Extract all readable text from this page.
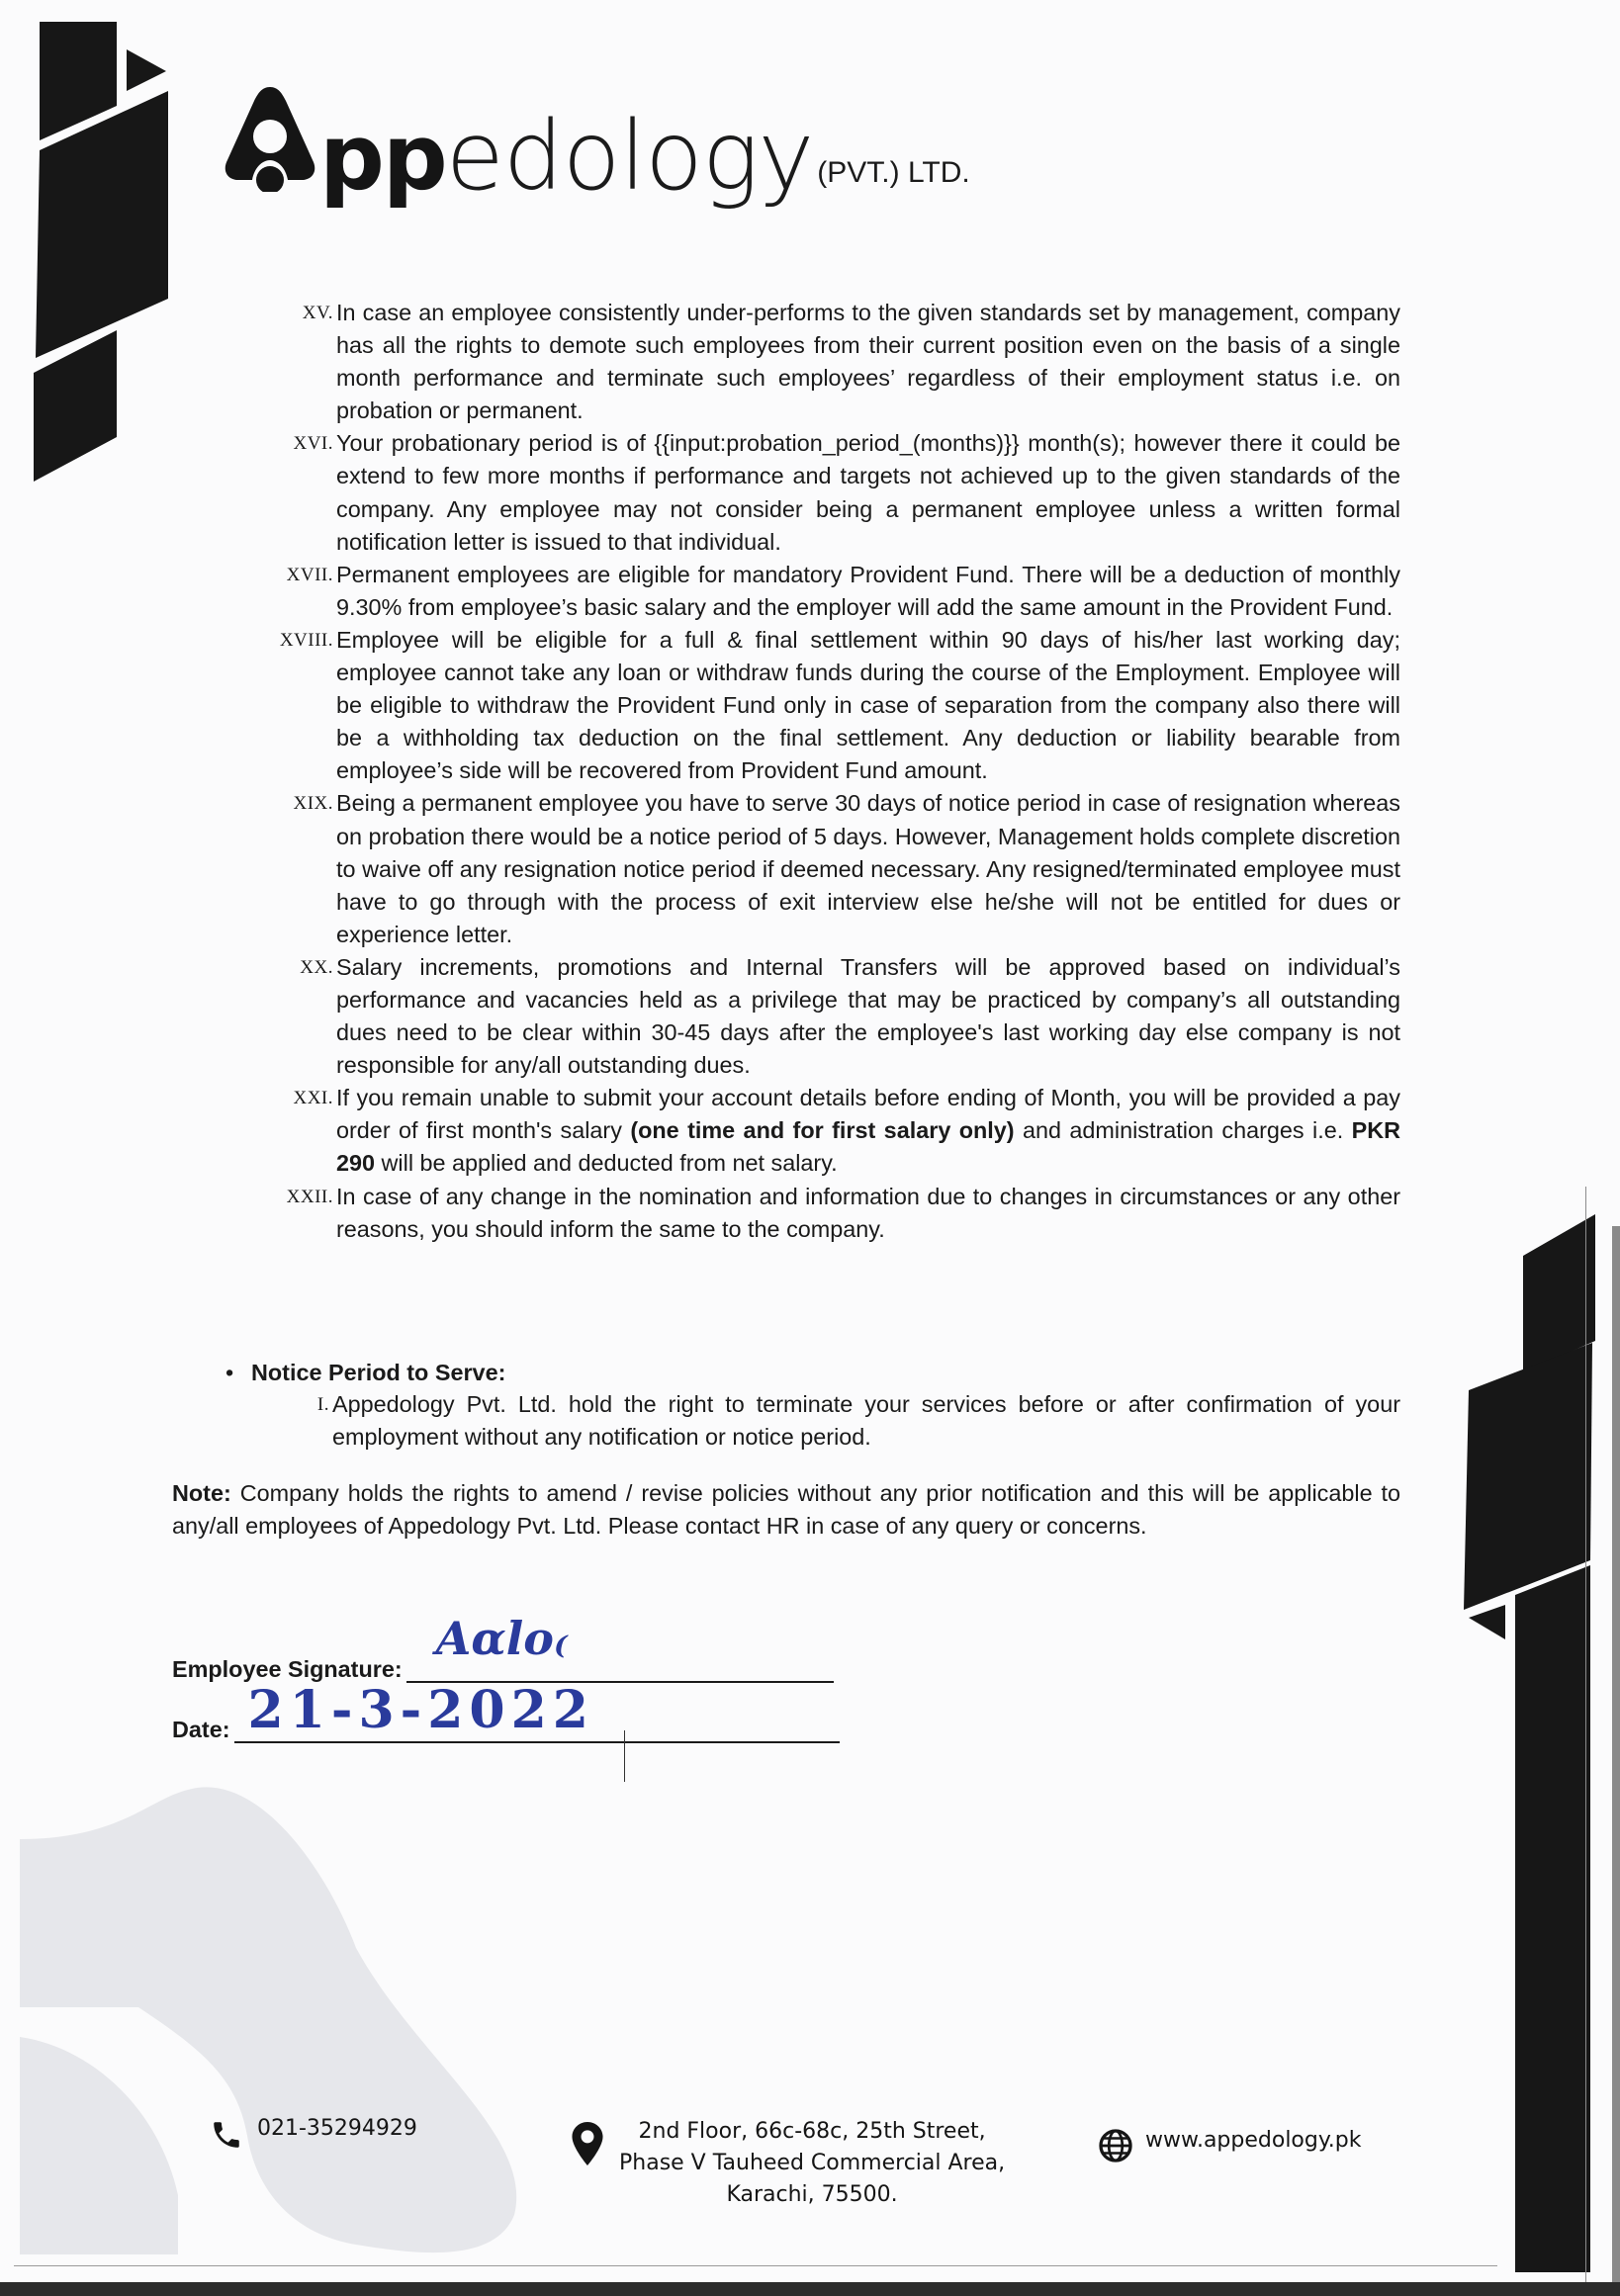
pp edology (PVT.) LTD.
XV. In case an employee consistently under-performs to the given standards set by management, company has all the rights to demote such employees from their current position even on the basis of a single month performance and terminate such employees’ regardless of their employment status i.e. on probation or permanent.
XVI. Your probationary period is of {{input:probation_period_(months)}} month(s); however there it could be extend to few more months if performance and targets not achieved up to the given standards of the company. Any employee may not consider being a permanent employee unless a written formal notification letter is issued to that individual.
XVII. Permanent employees are eligible for mandatory Provident Fund. There will be a deduction of monthly 9.30% from employee’s basic salary and the employer will add the same amount in the Provident Fund.
XVIII. Employee will be eligible for a full & final settlement within 90 days of his/her last working day; employee cannot take any loan or withdraw funds during the course of the Employment. Employee will be eligible to withdraw the Provident Fund only in case of separation from the company also there will be a withholding tax deduction on the final settlement. Any deduction or liability bearable from employee’s side will be recovered from Provident Fund amount.
XIX. Being a permanent employee you have to serve 30 days of notice period in case of resignation whereas on probation there would be a notice period of 5 days. However, Management holds complete discretion to waive off any resignation notice period if deemed necessary. Any resigned/terminated employee must have to go through with the process of exit interview else he/she will not be entitled for dues or experience letter.
XX. Salary increments, promotions and Internal Transfers will be approved based on individual’s performance and vacancies held as a privilege that may be practiced by company’s all outstanding dues need to be clear within 30-45 days after the employee's last working day else company is not responsible for any/all outstanding dues.
XXI. If you remain unable to submit your account details before ending of Month, you will be provided a pay order of first month's salary (one time and for first salary only) and administration charges i.e. PKR 290 will be applied and deducted from net salary.
XXII. In case of any change in the nomination and information due to changes in circumstances or any other reasons, you should inform the same to the company.
• Notice Period to Serve:
I. Appedology Pvt. Ltd. hold the right to terminate your services before or after confirmation of your employment without any notification or notice period.
Note: Company holds the rights to amend / revise policies without any prior notification and this will be applicable to any/all employees of Appedology Pvt. Ltd. Please contact HR in case of any query or concerns.
Employee Signature:
Aɑlo₍
Date: 21-3-2022
021-35294929	2nd Floor, 66c-68c, 25th Street,
Phase V Tauheed Commercial Area,
Karachi, 75500.
www.appedology.pk
